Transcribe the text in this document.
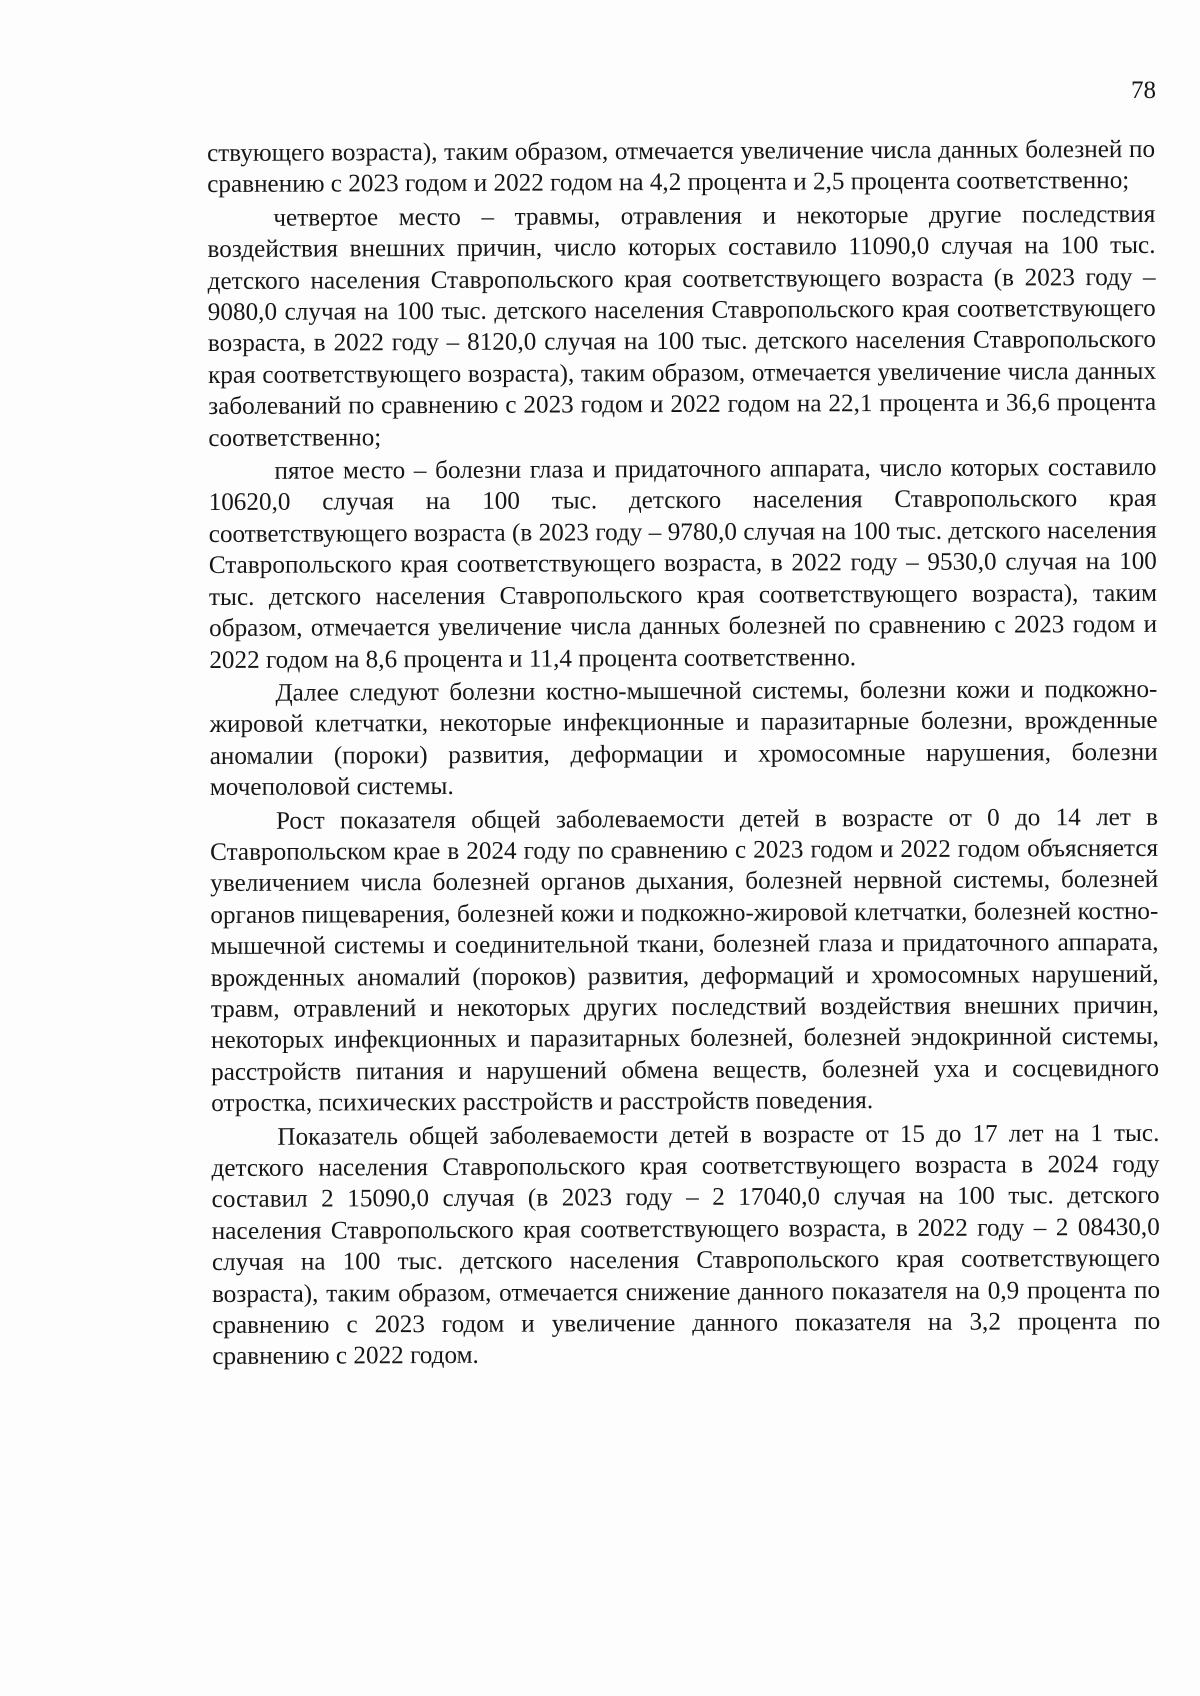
78

ствующего возраста), таким образом, отмечается увеличение числа данных болезней по сравнению с 2023 годом и 2022 годом на 4,2 процента и 2,5 процента соответственно;

четвертое место – травмы, отравления и некоторые другие последствия воздействия внешних причин, число которых составило 11090,0 случая на 100 тыс. детского населения Ставропольского края соответствующего возраста (в 2023 году – 9080,0 случая на 100 тыс. детского населения Ставропольского края соответствующего возраста, в 2022 году – 8120,0 случая на 100 тыс. детского населения Ставропольского края соответствующего возраста), таким образом, отмечается увеличение числа данных заболеваний по сравнению с 2023 годом и 2022 годом на 22,1 процента и 36,6 процента соответственно;

пятое место – болезни глаза и придаточного аппарата, число которых составило 10620,0 случая на 100 тыс. детского населения Ставропольского края соответствующего возраста (в 2023 году – 9780,0 случая на 100 тыс. детского населения Ставропольского края соответствующего возраста, в 2022 году – 9530,0 случая на 100 тыс. детского населения Ставропольского края соответствующего возраста), таким образом, отмечается увеличение числа данных болезней по сравнению с 2023 годом и 2022 годом на 8,6 процента и 11,4 процента соответственно.

Далее следуют болезни костно-мышечной системы, болезни кожи и подкожно-жировой клетчатки, некоторые инфекционные и паразитарные болезни, врожденные аномалии (пороки) развития, деформации и хромосомные нарушения, болезни мочеполовой системы.

Рост показателя общей заболеваемости детей в возрасте от 0 до 14 лет в Ставропольском крае в 2024 году по сравнению с 2023 годом и 2022 годом объясняется увеличением числа болезней органов дыхания, болезней нервной системы, болезней органов пищеварения, болезней кожи и подкожно-жировой клетчатки, болезней костно-мышечной системы и соединительной ткани, болезней глаза и придаточного аппарата, врожденных аномалий (пороков) развития, деформаций и хромосомных нарушений, травм, отравлений и некоторых других последствий воздействия внешних причин, некоторых инфекционных и паразитарных болезней, болезней эндокринной системы, расстройств питания и нарушений обмена веществ, болезней уха и сосцевидного отростка, психических расстройств и расстройств поведения.

Показатель общей заболеваемости детей в возрасте от 15 до 17 лет на 1 тыс. детского населения Ставропольского края соответствующего возраста в 2024 году составил 2 15090,0 случая (в 2023 году – 2 17040,0 случая на 100 тыс. детского населения Ставропольского края соответствующего возраста, в 2022 году – 2 08430,0 случая на 100 тыс. детского населения Ставропольского края соответствующего возраста), таким образом, отмечается снижение данного показателя на 0,9 процента по сравнению с 2023 годом и увеличение данного показателя на 3,2 процента по сравнению с 2022 годом.
